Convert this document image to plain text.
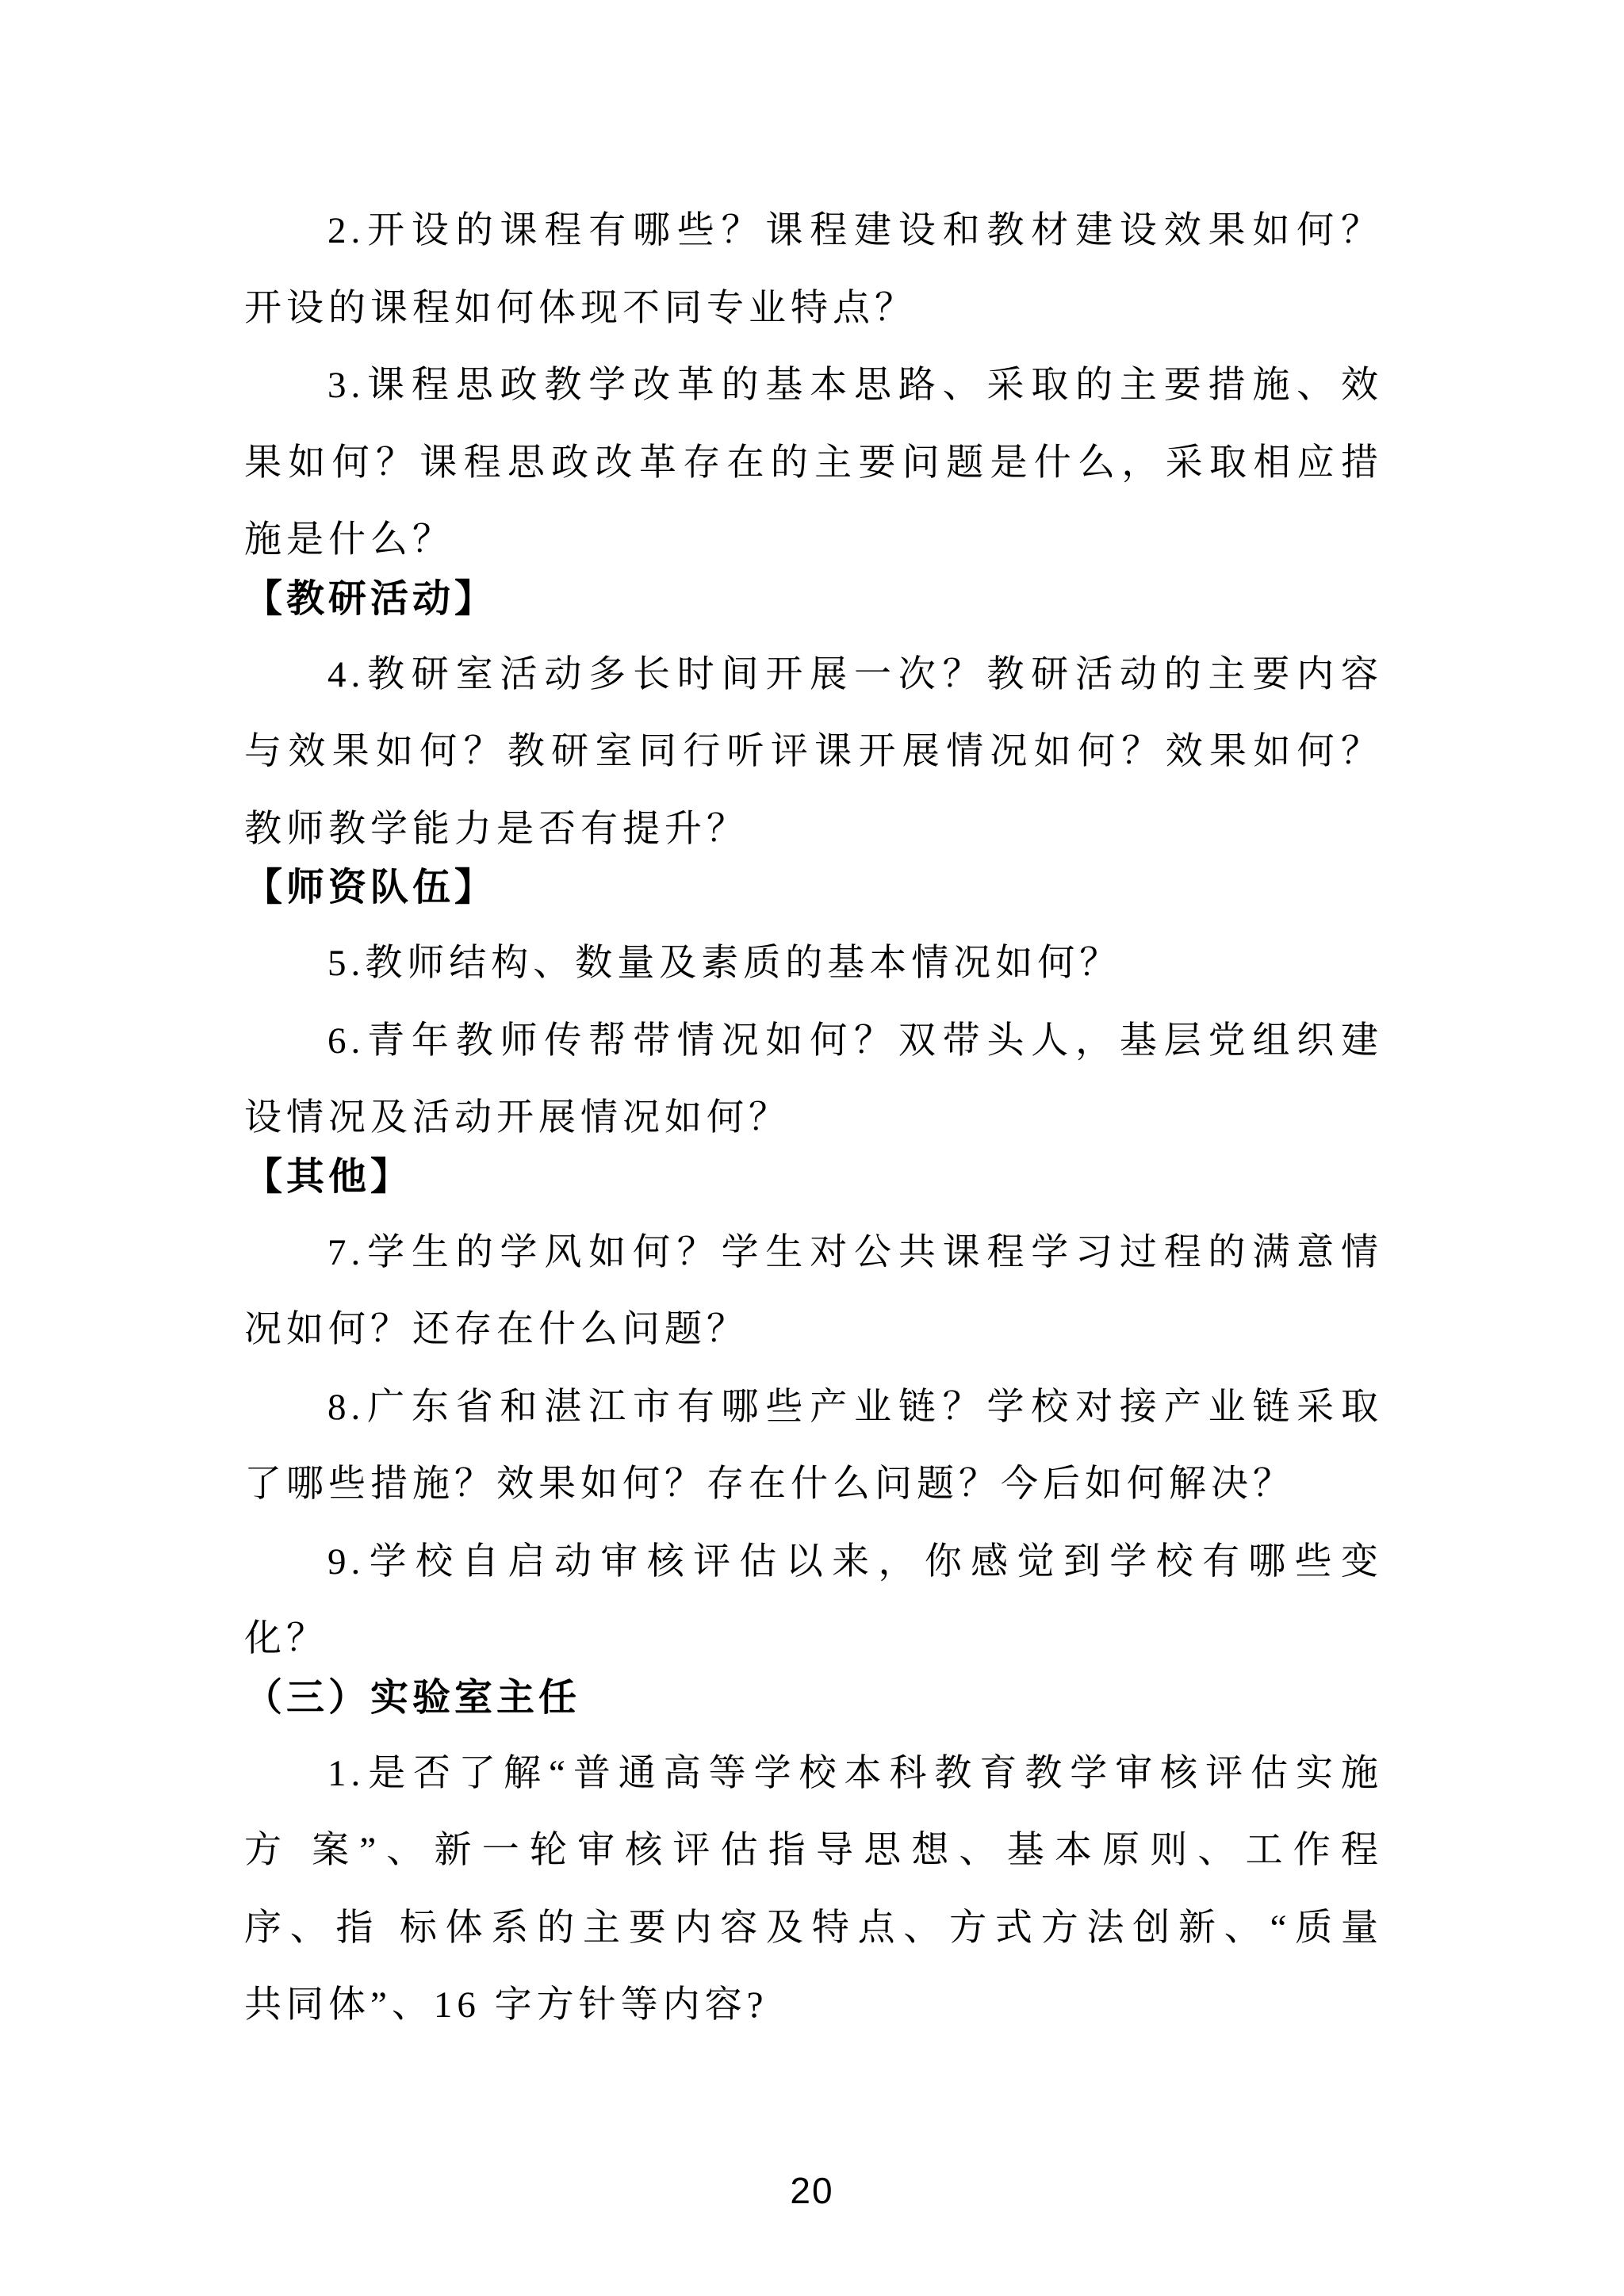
2.开设的课程有哪些？课程建设和教材建设效果如何？
开设的课程如何体现不同专业特点？
3.课程思政教学改革的基本思路、采取的主要措施、效
果如何？课程思政改革存在的主要问题是什么，采取相应措
施是什么？
【教研活动】
4.教研室活动多长时间开展一次？教研活动的主要内容
与效果如何？教研室同行听评课开展情况如何？效果如何？
教师教学能力是否有提升？
【师资队伍】
5.教师结构、数量及素质的基本情况如何？
6.青年教师传帮带情况如何？双带头人，基层党组织建
设情况及活动开展情况如何？
【其他】
7.学生的学风如何？学生对公共课程学习过程的满意情
况如何？还存在什么问题？
8.广东省和湛江市有哪些产业链？学校对接产业链采取
了哪些措施？效果如何？存在什么问题？今后如何解决？
9.学校自启动审核评估以来，你感觉到学校有哪些变
化？
（三）实验室主任
1.是否了解“普通高等学校本科教育教学审核评估实施
方 案”、新一轮审核评估指导思想、基本原则、工作程
序、指 标体系的主要内容及特点、方式方法创新、“质量
共同体”、16 字方针等内容?
20
